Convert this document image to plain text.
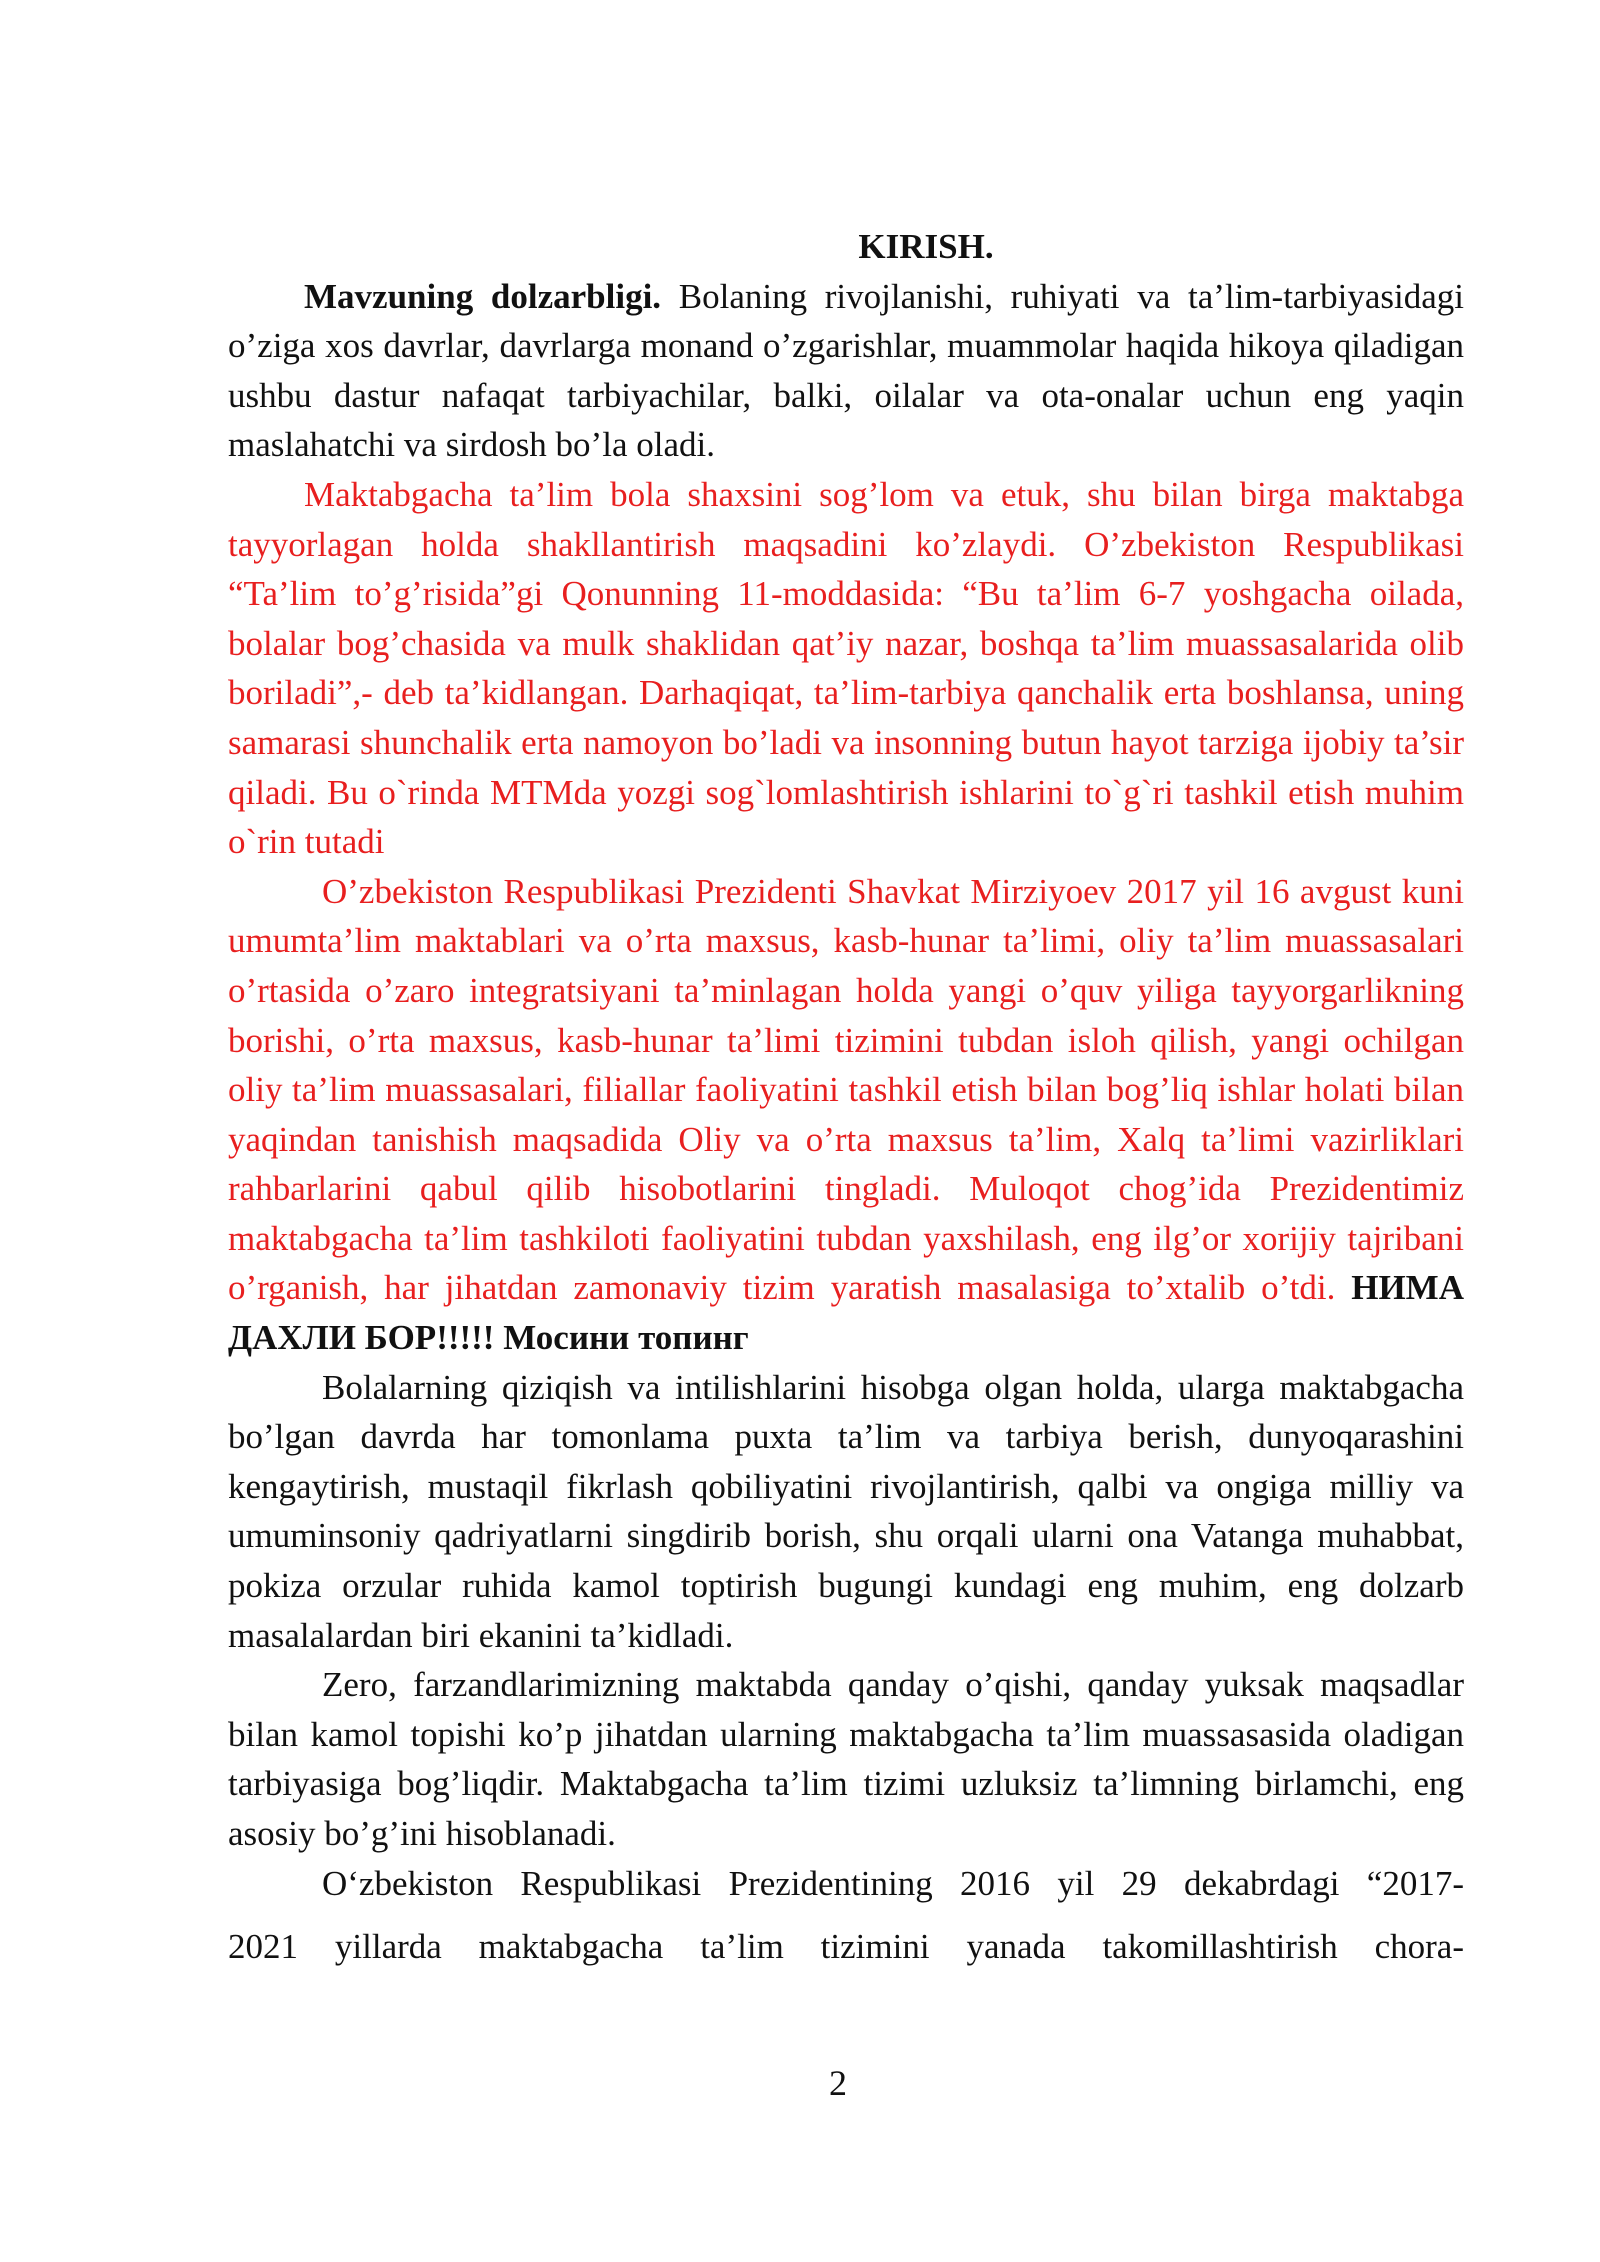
KIRISH.

Mavzuning dolzarbligi. Bolaning rivojlanishi, ruhiyati va ta’lim-tarbiyasidagi o’ziga xos davrlar, davrlarga monand o’zgarishlar, muammolar haqida hikoya qiladigan ushbu dastur nafaqat tarbiyachilar, balki, oilalar va ota-onalar uchun eng yaqin maslahatchi va sirdosh bo’la oladi.

Maktabgacha ta’lim bola shaxsini sog’lom va etuk, shu bilan birga maktabga tayyorlagan holda shakllantirish maqsadini ko’zlaydi. O’zbekiston Respublikasi “Ta’lim to’g’risida”gi Qonunning 11-moddasida: “Bu ta’lim 6-7 yoshgacha oilada, bolalar bog’chasida va mulk shaklidan qat’iy nazar, boshqa ta’lim muassasalarida olib boriladi”,- deb ta’kidlangan. Darhaqiqat, ta’lim-tarbiya qanchalik erta boshlansa, uning samarasi shunchalik erta namoyon bo’ladi va insonning butun hayot tarziga ijobiy ta’sir qiladi. Bu o`rinda MTMda yozgi sog`lomlashtirish ishlarini to`g`ri tashkil etish muhim o`rin tutadi

O’zbekiston Respublikasi Prezidenti Shavkat Mirziyoev 2017 yil 16 avgust kuni umumta’lim maktablari va o’rta maxsus, kasb-hunar ta’limi, oliy ta’lim muassasalari o’rtasida o’zaro integratsiyani ta’minlagan holda yangi o’quv yiliga tayyorgarlikning borishi, o’rta maxsus, kasb-hunar ta’limi tizimini tubdan isloh qilish, yangi ochilgan oliy ta’lim muassasalari, filiallar faoliyatini tashkil etish bilan bog’liq ishlar holati bilan yaqindan tanishish maqsadida Oliy va o’rta maxsus ta’lim, Xalq ta’limi vazirliklari rahbarlarini qabul qilib hisobotlarini tingladi. Muloqot chog’ida Prezidentimiz maktabgacha ta’lim tashkiloti faoliyatini tubdan yaxshilash, eng ilg’or xorijiy tajribani o’rganish, har jihatdan zamonaviy tizim yaratish masalasiga to’xtalib o’tdi. НИМА ДАХЛИ БОР!!!!! Мосини топинг

Bolalarning qiziqish va intilishlarini hisobga olgan holda, ularga maktabgacha bo’lgan davrda har tomonlama puxta ta’lim va tarbiya berish, dunyoqarashini kengaytirish, mustaqil fikrlash qobiliyatini rivojlantirish, qalbi va ongiga milliy va umuminsoniy qadriyatlarni singdirib borish, shu orqali ularni ona Vatanga muhabbat, pokiza orzular ruhida kamol toptirish bugungi kundagi eng muhim, eng dolzarb masalalardan biri ekanini ta’kidladi.

Zero, farzandlarimizning maktabda qanday o’qishi, qanday yuksak maqsadlar bilan kamol topishi ko’p jihatdan ularning maktabgacha ta’lim muassasasida oladigan tarbiyasiga bog’liqdir. Maktabgacha ta’lim tizimi uzluksiz ta’limning birlamchi, eng asosiy bo’g’ini hisoblanadi.

O‘zbekiston Respublikasi Prezidentining 2016 yil 29 dekabrdagi “2017-

2021 yillarda maktabgacha ta’lim tizimini yanada takomillashtirish chora-

2
